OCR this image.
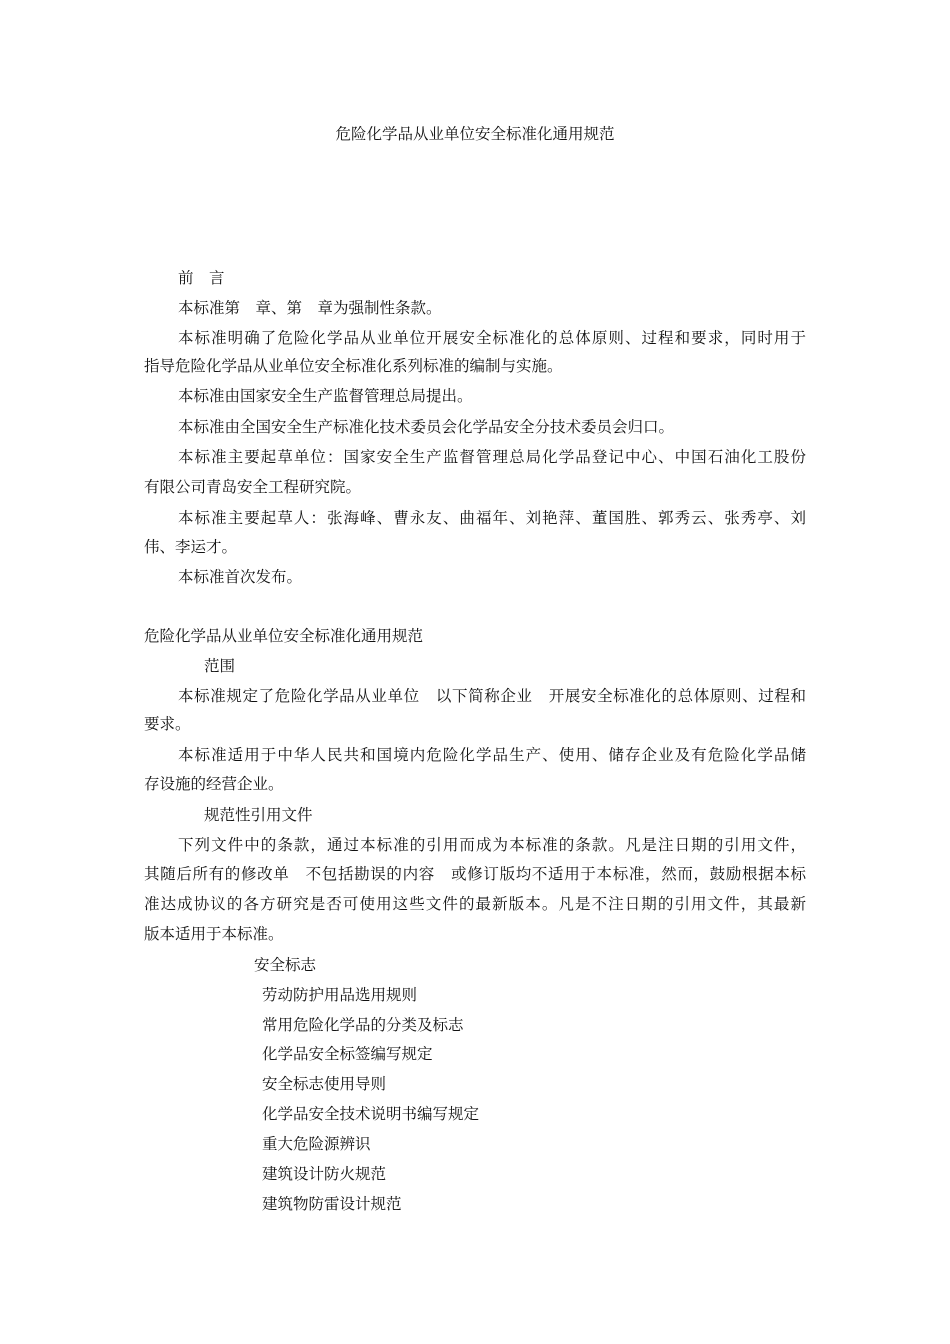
危险化学品从业单位安全标准化通用规范
前　言
本标准第　章、第　章为强制性条款。
本标准明确了危险化学品从业单位开展安全标准化的总体原则、过程和要求，同时用于
指导危险化学品从业单位安全标准化系列标准的编制与实施。
本标准由国家安全生产监督管理总局提出。
本标准由全国安全生产标准化技术委员会化学品安全分技术委员会归口。
本标准主要起草单位：国家安全生产监督管理总局化学品登记中心、中国石油化工股份
有限公司青岛安全工程研究院。
本标准主要起草人：张海峰、曹永友、曲福年、刘艳萍、董国胜、郭秀云、张秀亭、刘
伟、李运才。
本标准首次发布。
危险化学品从业单位安全标准化通用规范
范围
本标准规定了危险化学品从业单位　以下简称企业　开展安全标准化的总体原则、过程和
要求。
本标准适用于中华人民共和国境内危险化学品生产、使用、储存企业及有危险化学品储
存设施的经营企业。
规范性引用文件
下列文件中的条款，通过本标准的引用而成为本标准的条款。凡是注日期的引用文件，
其随后所有的修改单　不包括勘误的内容　或修订版均不适用于本标准，然而，鼓励根据本标
准达成协议的各方研究是否可使用这些文件的最新版本。凡是不注日期的引用文件，其最新
版本适用于本标准。
安全标志
劳动防护用品选用规则
常用危险化学品的分类及标志
化学品安全标签编写规定
安全标志使用导则
化学品安全技术说明书编写规定
重大危险源辨识
建筑设计防火规范
建筑物防雷设计规范
